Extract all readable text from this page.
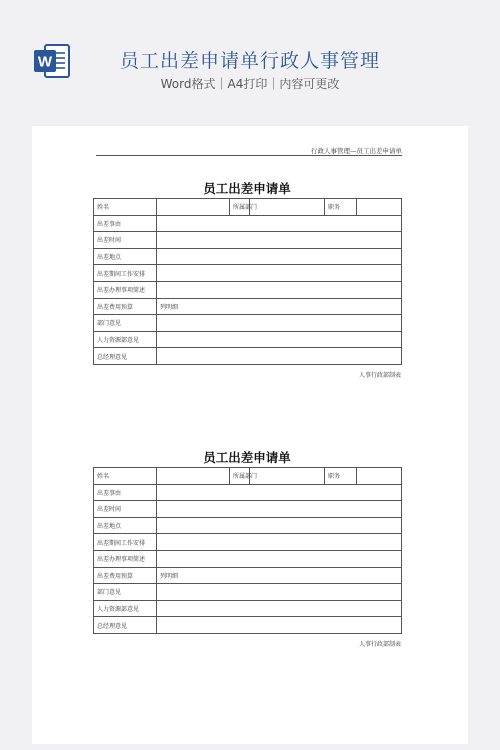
W	员工出差申请单行政人事管理
Word格式｜A4打印｜内容可更改
行政人事管理—员工出差申请单
员工出差申请单
姓名		所属部门		职务	
出差事由					
出差时间					
出差地点					
出差期间工作安排					
出差办理事项简述					
出差费用预算	列明细				
部门意见					
人力资源部意见					
总经理意见					
人事行政部制表
员工出差申请单
姓名		所属部门		职务	
出差事由					
出差时间					
出差地点					
出差期间工作安排					
出差办理事项简述					
出差费用预算	列明细				
部门意见					
人力资源部意见					
总经理意见					
人事行政部制表
